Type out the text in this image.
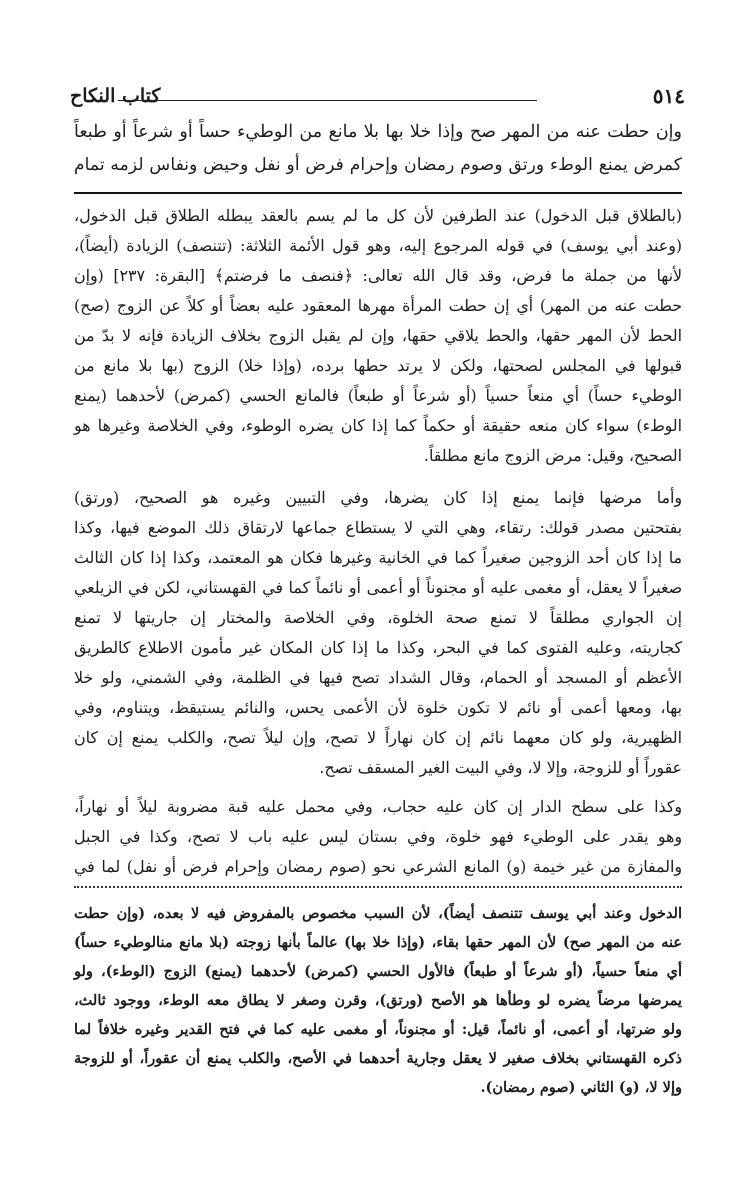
٥١٤
كتاب النكاح
وإن حطت عنه من المهر صح وإذا خلا بها بلا مانع من الوطيء حساً أو شرعاً أو طبعاً
كمرض يمنع الوطء ورتق وصوم رمضان وإحرام فرض أو نفل وحيض ونفاس لزمه تمام
(بالطلاق قبل الدخول) عند الطرفين لأن كل ما لم يسم بالعقد يبطله الطلاق قبل الدخول،
(وعند أبي يوسف) في قوله المرجوع إليه، وهو قول الأئمة الثلاثة: (تتنصف) الزيادة (أيضاً)،
لأنها من جملة ما فرض، وقد قال الله تعالى: ﴿فنصف ما فرضتم﴾ [البقرة: ٢٣٧] (وإن
حطت عنه من المهر) أي إن حطت المرأة مهرها المعقود عليه بعضاً أو كلاً عن الزوج (صح)
الحط لأن المهر حقها، والحط يلاقي حقها، وإن لم يقبل الزوج بخلاف الزيادة فإنه لا بدّ من
قبولها في المجلس لصحتها، ولكن لا يرتد حطها برده، (وإذا خلا) الزوج (بها بلا مانع من
الوطيء حساً) أي منعاً حسياً (أو شرعاً أو طبعاً) فالمانع الحسي (كمرض) لأحدهما (يمنع
الوطء) سواء كان منعه حقيقة أو حكماً كما إذا كان يضره الوطوء، وفي الخلاصة وغيرها هو
الصحيح، وقيل: مرض الزوج مانع مطلقاً.
وأما مرضها فإنما يمنع إذا كان يضرها، وفي التبيين وغيره هو الصحيح، (ورتق)
بفتحتين مصدر قولك: رتقاء، وهي التي لا يستطاع جماعها لارتقاق ذلك الموضع فيها، وكذا
ما إذا كان أحد الزوجين صغيراً كما في الخانية وغيرها فكان هو المعتمد، وكذا إذا كان الثالث
صغيراً لا يعقل، أو مغمى عليه أو مجنوناً أو أعمى أو نائماً كما في القهستاني، لكن في الزيلعي
إن الجواري مطلقاً لا تمنع صحة الخلوة، وفي الخلاصة والمختار إن جاريتها لا تمنع
كجاريته، وعليه الفتوى كما في البحر، وكذا ما إذا كان المكان غير مأمون الاطلاع كالطريق
الأعظم أو المسجد أو الحمام، وقال الشداد تصح فيها في الظلمة، وفي الشمني، ولو خلا
بها، ومعها أعمى أو نائم لا تكون خلوة لأن الأعمى يحس، والنائم يستيقظ، ويتناوم، وفي
الظهيرية، ولو كان معهما نائم إن كان نهاراً لا تصح، وإن ليلاً تصح، والكلب يمنع إن كان
عقوراً أو للزوجة، وإلا لا، وفي البيت الغير المسقف تصح.
وكذا على سطح الدار إن كان عليه حجاب، وفي محمل عليه قبة مضروبة ليلاً أو نهاراً،
وهو يقدر على الوطيء فهو خلوة، وفي بستان ليس عليه باب لا تصح، وكذا في الجبل
والمفازة من غير خيمة (و) المانع الشرعي نحو (صوم رمضان وإحرام فرض أو نفل) لما في
الدخول وعند أبي يوسف تتنصف أيضاً)، لأن السبب مخصوص بالمفروض فيه لا بعده، (وإن حطت
عنه من المهر صح) لأن المهر حقها بقاء، (وإذا خلا بها) عالماً بأنها زوجته (بلا مانع منالوطيء حساً)
أي منعاً حسياً، (أو شرعاً أو طبعاً) فالأول الحسي (كمرض) لأحدهما (يمنع) الزوج (الوطء)، ولو
يمرضها مرضاً يضره لو وطأها هو الأصح (ورتق)، وقرن وصغر لا يطاق معه الوطء، ووجود ثالث،
ولو ضرتها، أو أعمى، أو نائماً، قيل: أو مجنوناً، أو مغمى عليه كما في فتح القدير وغيره خلافاً لما
ذكره القهستاني بخلاف صغير لا يعقل وجارية أحدهما في الأصح، والكلب يمنع أن عقوراً، أو للزوجة
وإلا لا، (و) الثاني (صوم رمضان).
